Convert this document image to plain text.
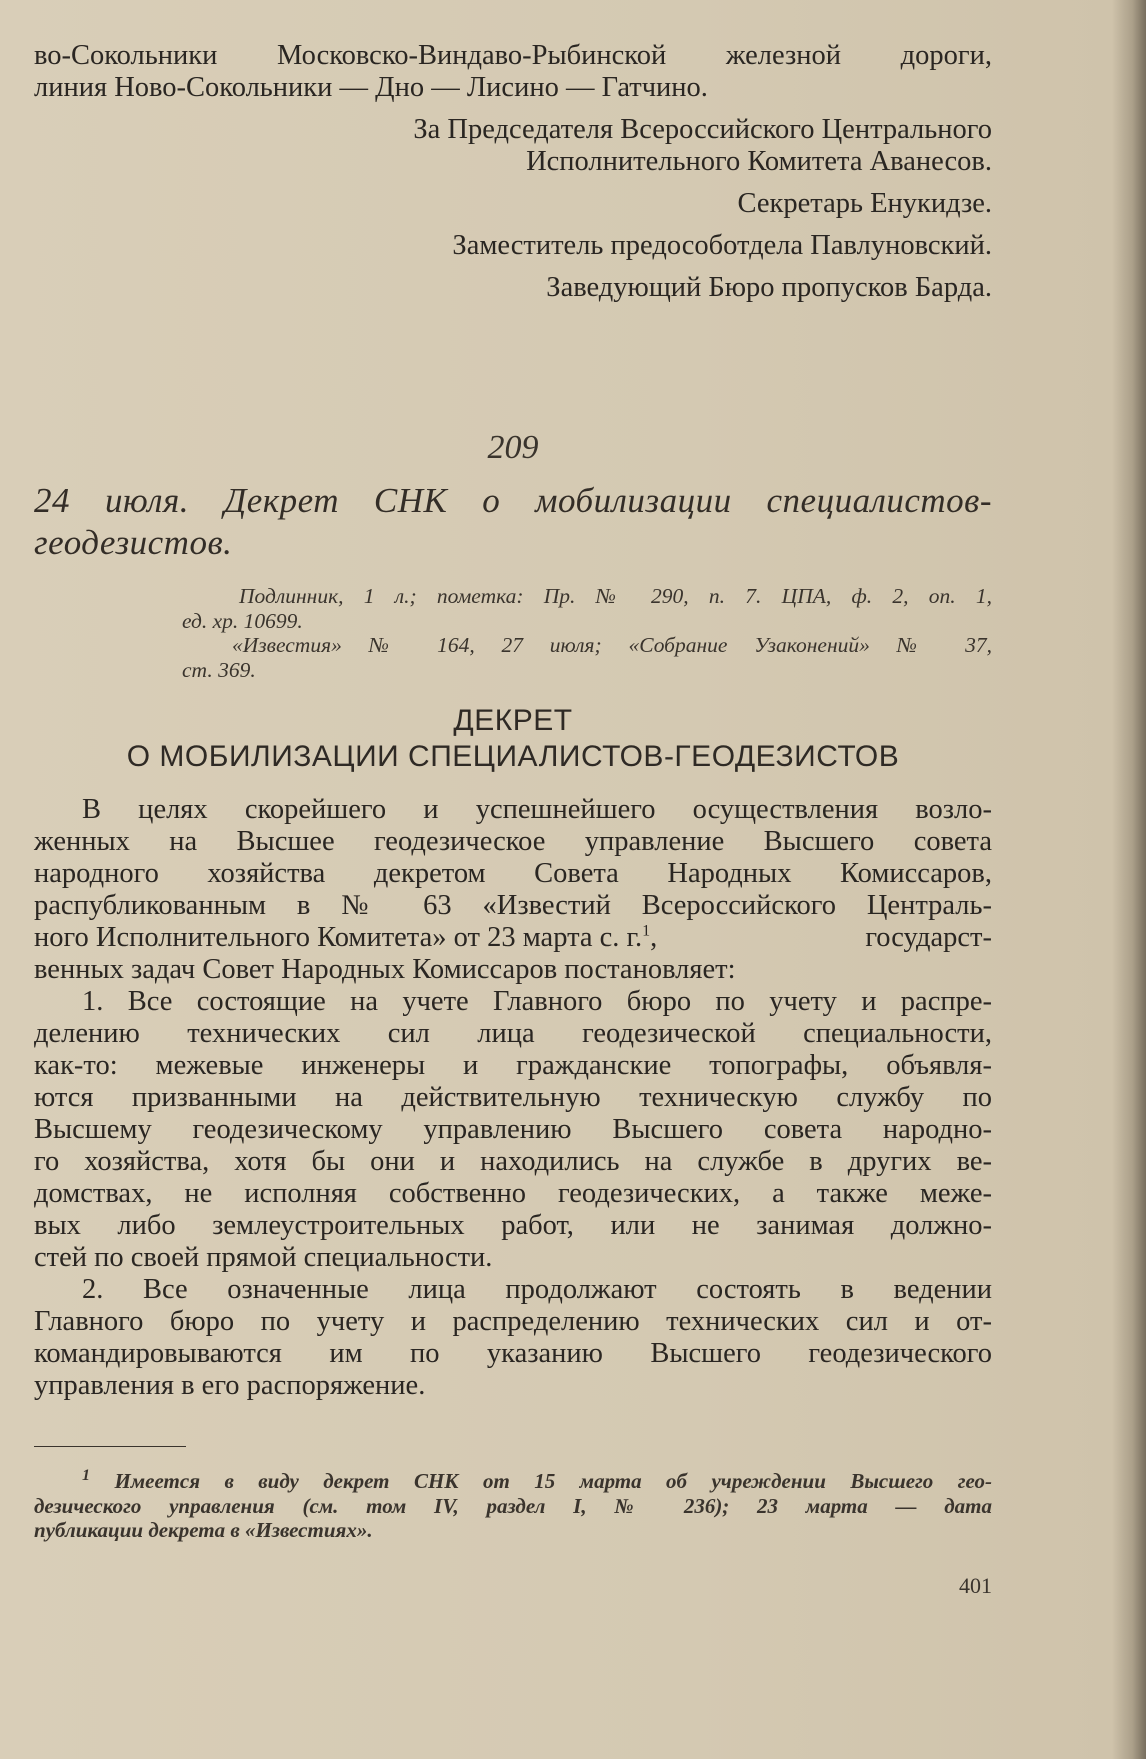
во-Сокольники Московско-Виндаво-Рыбинской железной дороги,

линия Ново-Сокольники — Дно — Лисино — Гатчино.

За Председателя Всероссийского Центрального

Исполнительного Комитета Аванесов.

Секретарь Енукидзе.

Заместитель предособотдела Павлуновский.

Заведующий Бюро пропусков Барда.

209

24 июля. Декрет СНК о мобилизации специалистов-

геодезистов.

Подлинник, 1 л.; пометка: Пр. № 290, п. 7. ЦПА, ф. 2, оп. 1,

ед. хр. 10699.

«Известия» № 164, 27 июля; «Собрание Узаконений» № 37,

ст. 369.

ДЕКРЕТ

О МОБИЛИЗАЦИИ СПЕЦИАЛИСТОВ-ГЕОДЕЗИСТОВ

В целях скорейшего и успешнейшего осуществления возло-

женных на Высшее геодезическое управление Высшего совета

народного хозяйства декретом Совета Народных Комиссаров,

распубликованным в № 63 «Известий Всероссийского Централь-

ного Исполнительного Комитета» от 23 марта с. г.$^1$,	государст-

венных задач Совет Народных Комиссаров постановляет:

1. Все состоящие на учете Главного бюро по учету и распре-

делению технических сил лица геодезической специальности,

как-то: межевые инженеры и гражданские топографы, объявля-

ются призванными на действительную техническую службу по

Высшему геодезическому управлению Высшего совета народно-

го хозяйства, хотя бы они и находились на службе в других ве-

домствах, не исполняя собственно геодезических, а также меже-

вых либо землеустроительных работ, или не занимая должно-

стей по своей прямой специальности.

2. Все означенные лица продолжают состоять в ведении

Главного бюро по учету и распределению технических сил и от-

командировываются им по указанию Высшего геодезического

управления в его распоряжение.

$^1$ Имеется в виду декрет СНК от 15 марта об учреждении Высшего гео-

дезического управления (см. том IV, раздел I, № 236); 23 марта — дата

публикации декрета в «Известиях».

401
